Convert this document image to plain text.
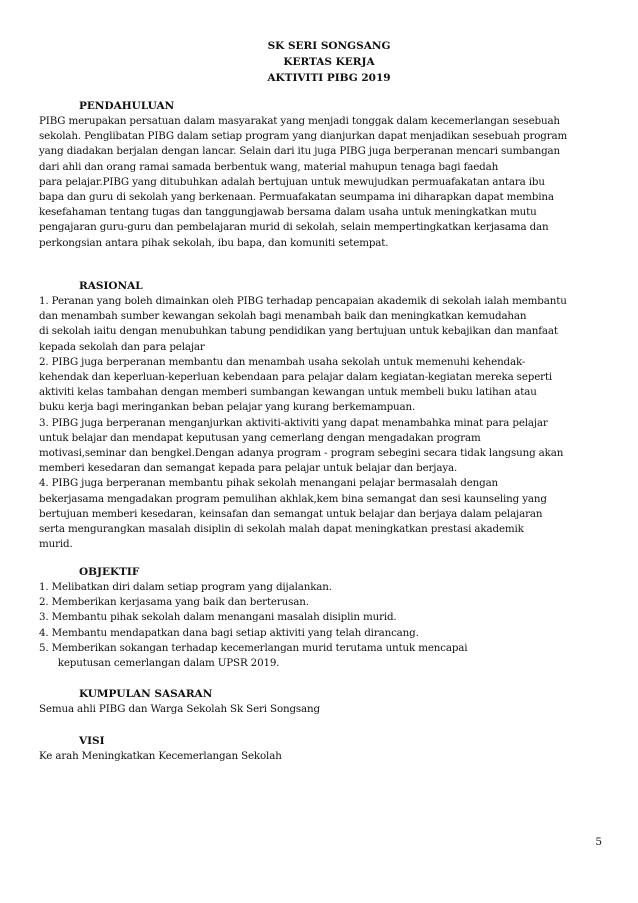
SK SERI SONGSANG
KERTAS KERJA
AKTIVITI PIBG 2019
PENDAHULUAN
PIBG merupakan persatuan dalam masyarakat yang menjadi tonggak dalam kecemerlangan sesebuah
sekolah. Penglibatan PIBG dalam setiap program yang dianjurkan dapat menjadikan sesebuah program
yang diadakan berjalan dengan lancar. Selain dari itu juga PIBG juga berperanan mencari sumbangan
dari ahli dan orang ramai samada berbentuk wang, material mahupun tenaga bagi faedah
para pelajar.PIBG yang ditubuhkan adalah bertujuan untuk mewujudkan permuafakatan antara ibu
bapa dan guru di sekolah yang berkenaan. Permuafakatan seumpama ini diharapkan dapat membina
kesefahaman tentang tugas dan tanggungjawab bersama dalam usaha untuk meningkatkan mutu
pengajaran guru-guru dan pembelajaran murid di sekolah, selain mempertingkatkan kerjasama dan
perkongsian antara pihak sekolah, ibu bapa, dan komuniti setempat.
RASIONAL
1. Peranan yang boleh dimainkan oleh PIBG terhadap pencapaian akademik di sekolah ialah membantu
dan menambah sumber kewangan sekolah bagi menambah baik dan meningkatkan kemudahan
di sekolah iaitu dengan menubuhkan tabung pendidikan yang bertujuan untuk kebajikan dan manfaat
kepada sekolah dan para pelajar
2. PIBG juga berperanan membantu dan menambah usaha sekolah untuk memenuhi kehendak-
kehendak dan keperluan-keperluan kebendaan para pelajar dalam kegiatan-kegiatan mereka seperti
aktiviti kelas tambahan dengan memberi sumbangan kewangan untuk membeli buku latihan atau
buku kerja bagi meringankan beban pelajar yang kurang berkemampuan.
3. PIBG juga berperanan menganjurkan aktiviti-aktiviti yang dapat menambahka minat para pelajar
untuk belajar dan mendapat keputusan yang cemerlang dengan mengadakan program
motivasi,seminar dan bengkel.Dengan adanya program - program sebegini secara tidak langsung akan
memberi kesedaran dan semangat kepada para pelajar untuk belajar dan berjaya.
4. PIBG juga berperanan membantu pihak sekolah menangani pelajar bermasalah dengan
bekerjasama mengadakan program pemulihan akhlak,kem bina semangat dan sesi kaunseling yang
bertujuan memberi kesedaran, keinsafan dan semangat untuk belajar dan berjaya dalam pelajaran
serta mengurangkan masalah disiplin di sekolah malah dapat meningkatkan prestasi akademik
murid.
OBJEKTIF
1. Melibatkan diri dalam setiap program yang dijalankan.
2. Memberikan kerjasama yang baik dan berterusan.
3. Membantu pihak sekolah dalam menangani masalah disiplin murid.
4. Membantu mendapatkan dana bagi setiap aktiviti yang telah dirancang.
5. Memberikan sokangan terhadap kecemerlangan murid terutama untuk mencapai
keputusan cemerlangan dalam UPSR 2019.
KUMPULAN SASARAN
Semua ahli PIBG dan Warga Sekolah Sk Seri Songsang
VISI
Ke arah Meningkatkan Kecemerlangan Sekolah
5
